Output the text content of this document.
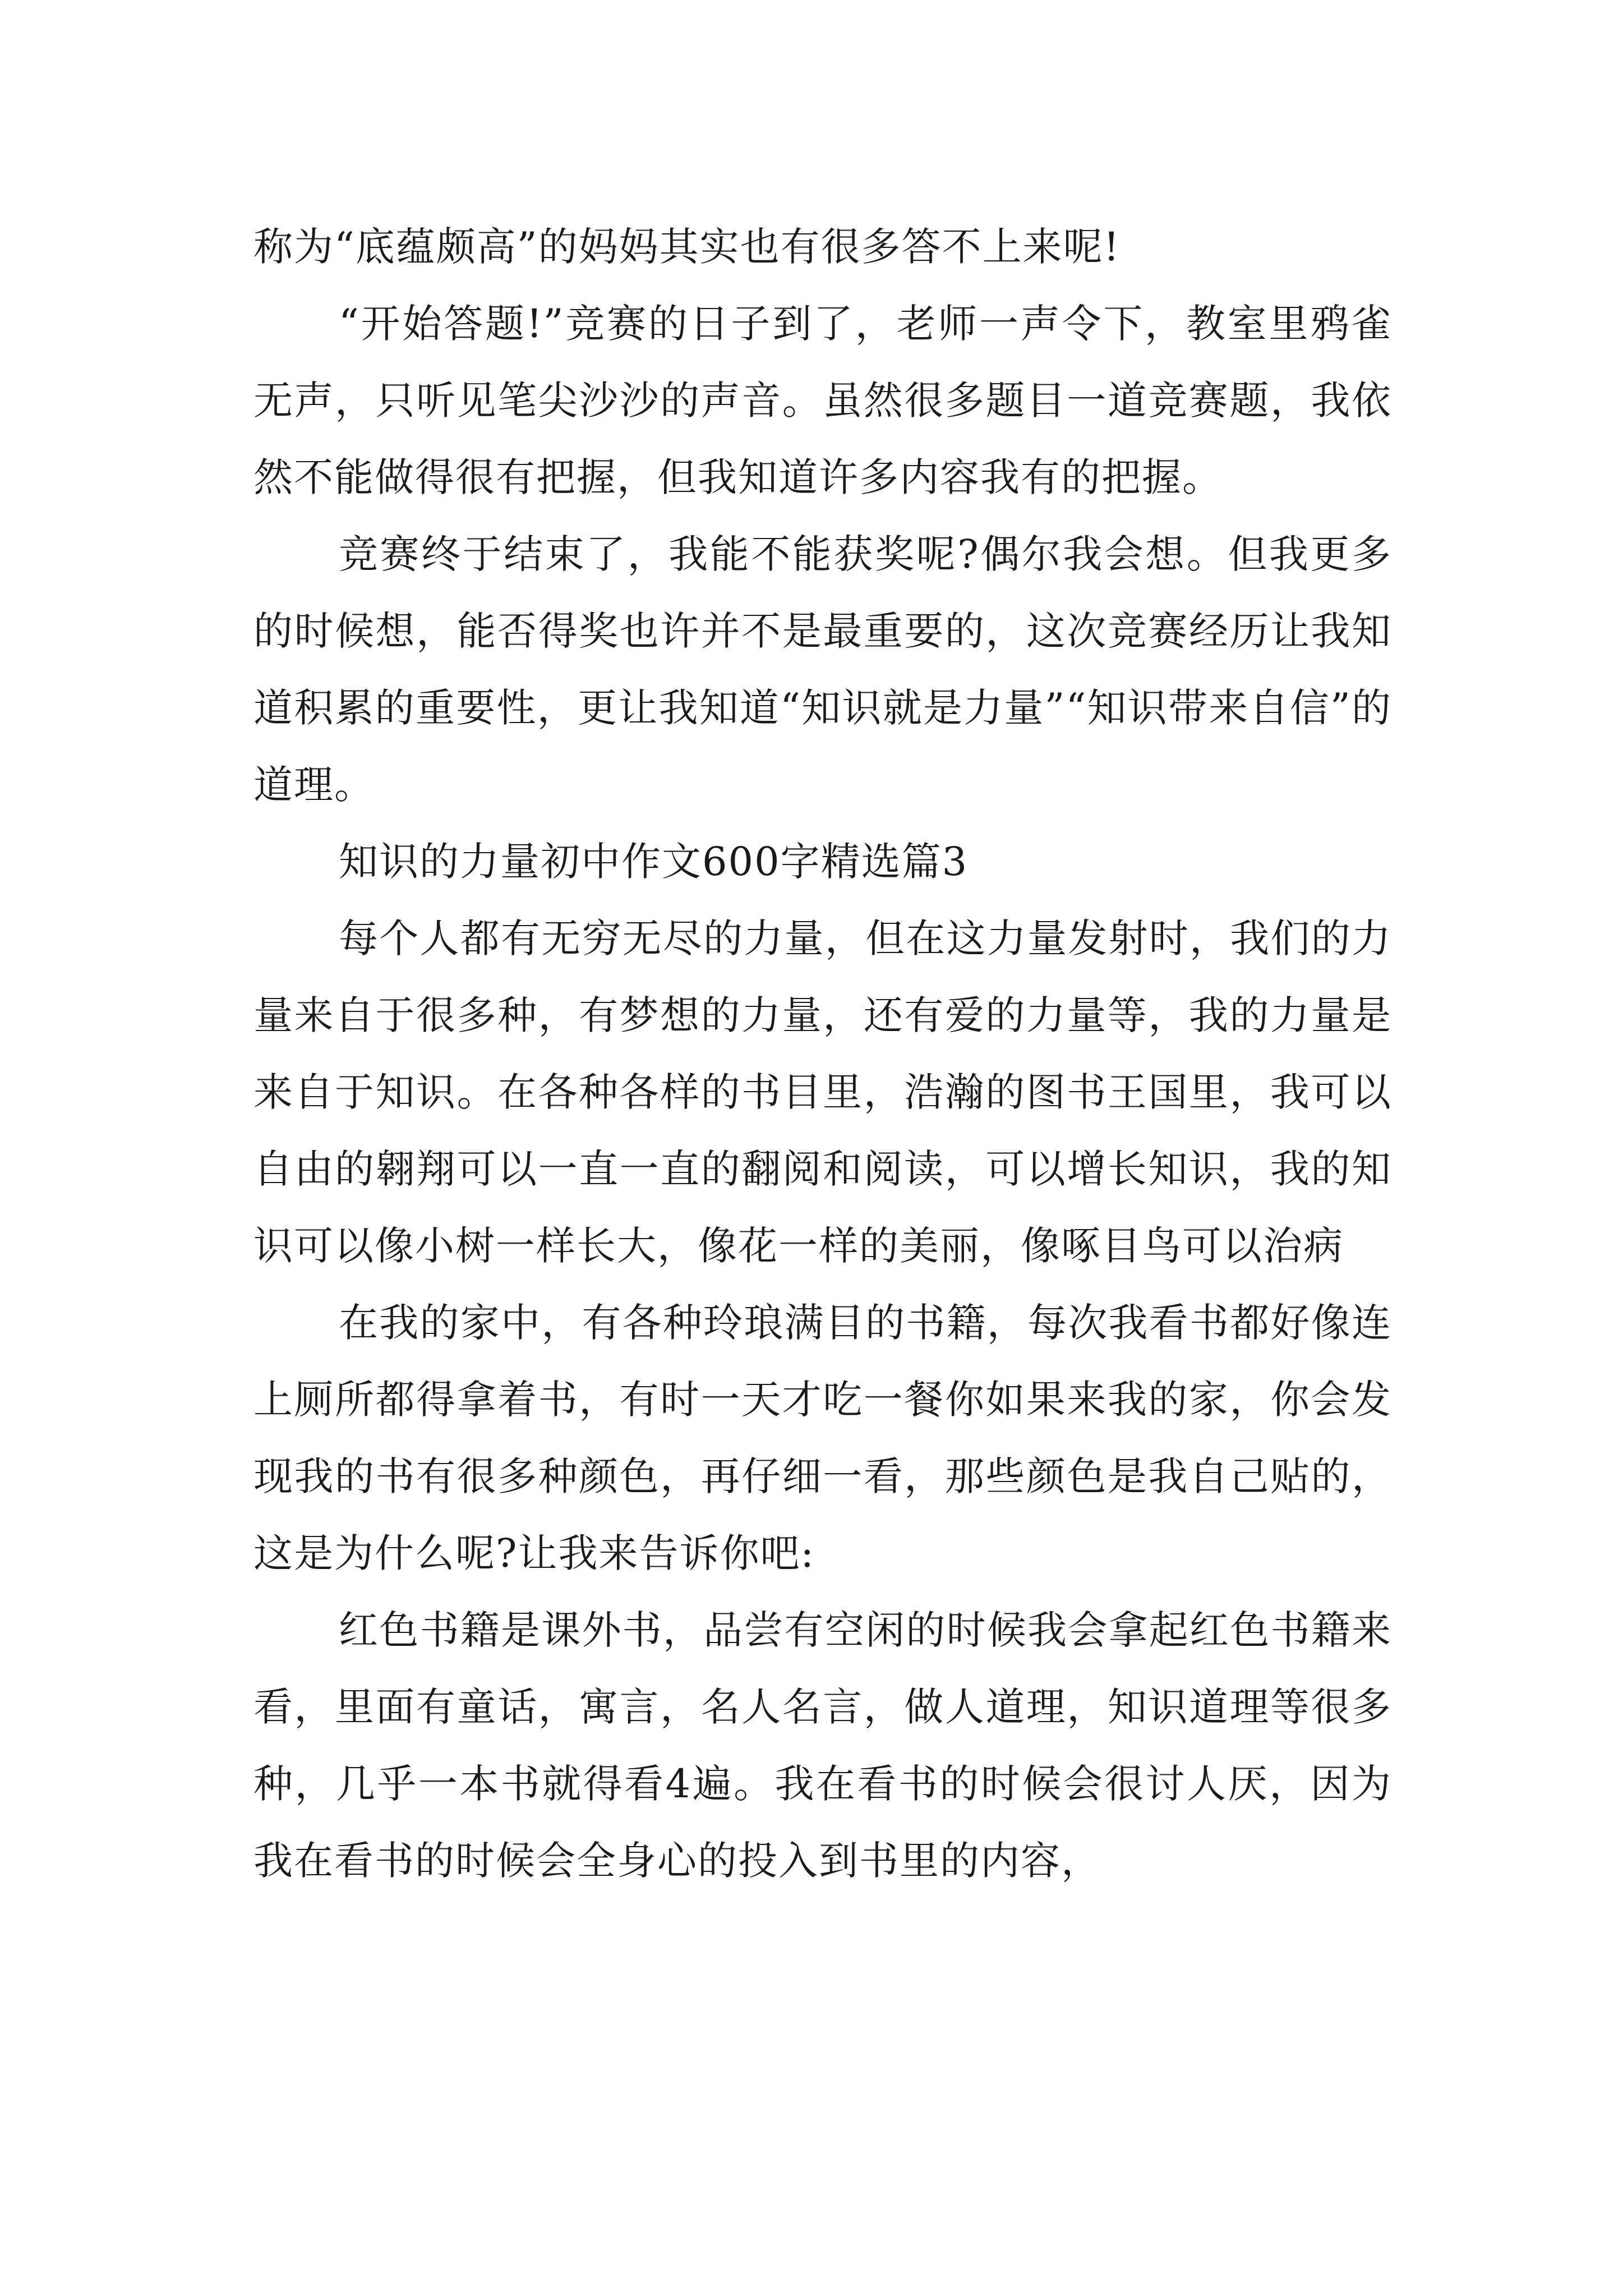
称为“底蕴颇高”的妈妈其实也有很多答不上来呢!

“开始答题!”竞赛的日子到了，老师一声令下，教室里鸦雀无声，只听见笔尖沙沙的声音。虽然很多题目一道竞赛题，我依然不能做得很有把握，但我知道许多内容我有的把握。

竞赛终于结束了，我能不能获奖呢?偶尔我会想。但我更多的时候想，能否得奖也许并不是最重要的，这次竞赛经历让我知道积累的重要性，更让我知道“知识就是力量”“知识带来自信”的道理。

知识的力量初中作文600字精选篇3

每个人都有无穷无尽的力量，但在这力量发射时，我们的力量来自于很多种，有梦想的力量，还有爱的力量等，我的力量是来自于知识。在各种各样的书目里，浩瀚的图书王国里，我可以自由的翱翔可以一直一直的翻阅和阅读，可以增长知识，我的知识可以像小树一样长大，像花一样的美丽，像啄目鸟可以治病

在我的家中，有各种玲琅满目的书籍，每次我看书都好像连上厕所都得拿着书，有时一天才吃一餐你如果来我的家，你会发现我的书有很多种颜色，再仔细一看，那些颜色是我自己贴的，这是为什么呢?让我来告诉你吧:

红色书籍是课外书，品尝有空闲的时候我会拿起红色书籍来看，里面有童话，寓言，名人名言，做人道理，知识道理等很多种，几乎一本书就得看4遍。我在看书的时候会很讨人厌，因为我在看书的时候会全身心的投入到书里的内容，
